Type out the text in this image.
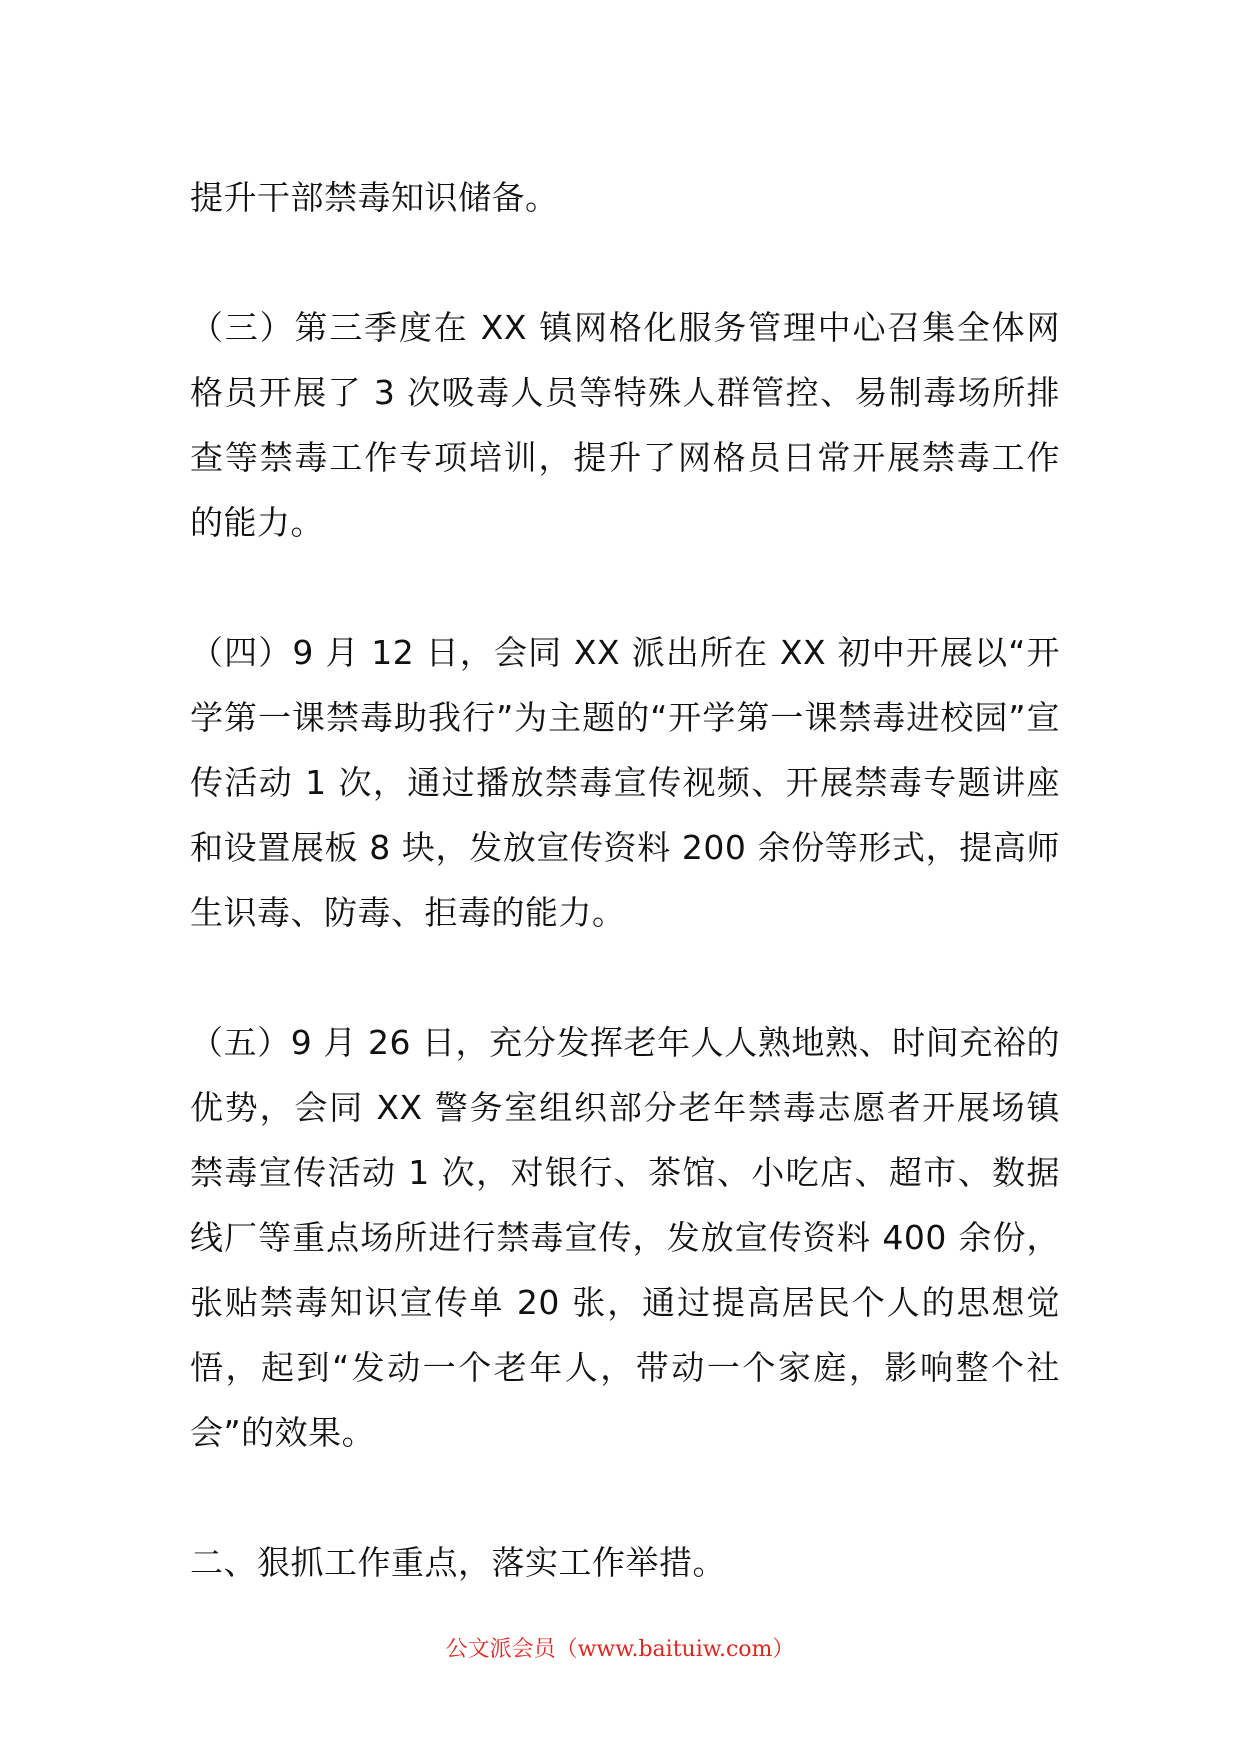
提升干部禁毒知识储备。

（三）第三季度在 XX 镇网格化服务管理中心召集全体网格员开展了 3 次吸毒人员等特殊人群管控、易制毒场所排查等禁毒工作专项培训，提升了网格员日常开展禁毒工作的能力。

（四）9 月 12 日，会同 XX 派出所在 XX 初中开展以“开学第一课禁毒助我行”为主题的“开学第一课禁毒进校园”宣传活动 1 次，通过播放禁毒宣传视频、开展禁毒专题讲座和设置展板 8 块，发放宣传资料 200 余份等形式，提高师生识毒、防毒、拒毒的能力。

（五）9 月 26 日，充分发挥老年人人熟地熟、时间充裕的优势，会同 XX 警务室组织部分老年禁毒志愿者开展场镇禁毒宣传活动 1 次，对银行、茶馆、小吃店、超市、数据线厂等重点场所进行禁毒宣传，发放宣传资料 400 余份，张贴禁毒知识宣传单 20 张，通过提高居民个人的思想觉悟，起到“发动一个老年人，带动一个家庭，影响整个社会”的效果。

二、狠抓工作重点，落实工作举措。

公文派会员（www.baituiw.com）
